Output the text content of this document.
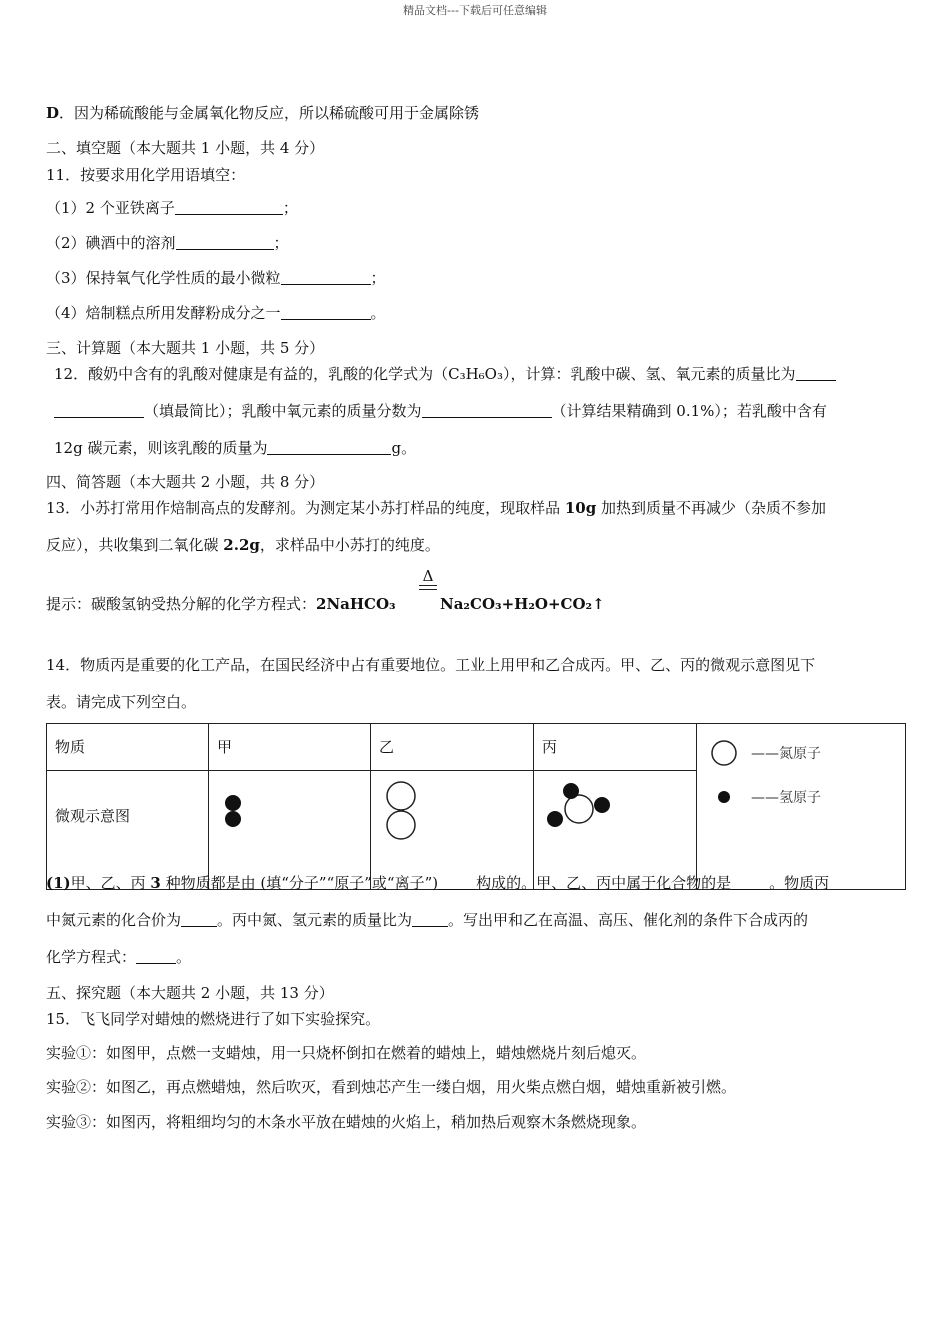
精品文档---下载后可任意编辑
D．因为稀硫酸能与金属氧化物反应，所以稀硫酸可用于金属除锈
二、填空题（本大题共 1 小题，共 4 分）
11．按要求用化学用语填空：
（1）2 个亚铁离子	；
（2）碘酒中的溶剂	；
（3）保持氧气化学性质的最小微粒	；
（4）焙制糕点所用发酵粉成分之一	。
三、计算题（本大题共 1 小题，共 5 分）
12．酸奶中含有的乳酸对健康是有益的，乳酸的化学式为（C₃H₆O₃），计算：乳酸中碳、氢、氧元素的质量比为
（填最简比）；乳酸中氧元素的质量分数为	（计算结果精确到 0.1%）；若乳酸中含有
12g 碳元素，则该乳酸的质量为	g。
四、简答题（本大题共 2 小题，共 8 分）
13．小苏打常用作焙制高点的发酵剂。为测定某小苏打样品的纯度，现取样品 10g 加热到质量不再减少（杂质不参加
反应），共收集到二氧化碳 2.2g，求样品中小苏打的纯度。
提示：碳酸氢钠受热分解的化学方程式：2NaHCO₃
Δ
Na₂CO₃+H₂O+CO₂↑
14．物质丙是重要的化工产品，在国民经济中占有重要地位。工业上用甲和乙合成丙。甲、乙、丙的微观示意图见下
表。请完成下列空白。
物质	甲	乙	丙	——氮原子
——氢原子

微观示意图			
(1)甲、乙、丙 3 种物质都是由 (填“分子”“原子”或“离子”)	构成的。甲、乙、丙中属于化合物的是	。物质丙
中氮元素的化合价为 。丙中氮、氢元素的质量比为 。写出甲和乙在高温、高压、催化剂的条件下合成丙的
化学方程式：	。
五、探究题（本大题共 2 小题，共 13 分）
15．飞飞同学对蜡烛的燃烧进行了如下实验探究。
实验①：如图甲，点燃一支蜡烛，用一只烧杯倒扣在燃着的蜡烛上，蜡烛燃烧片刻后熄灭。
实验②：如图乙，再点燃蜡烛，然后吹灭，看到烛芯产生一缕白烟，用火柴点燃白烟，蜡烛重新被引燃。
实验③：如图丙，将粗细均匀的木条水平放在蜡烛的火焰上，稍加热后观察木条燃烧现象。
